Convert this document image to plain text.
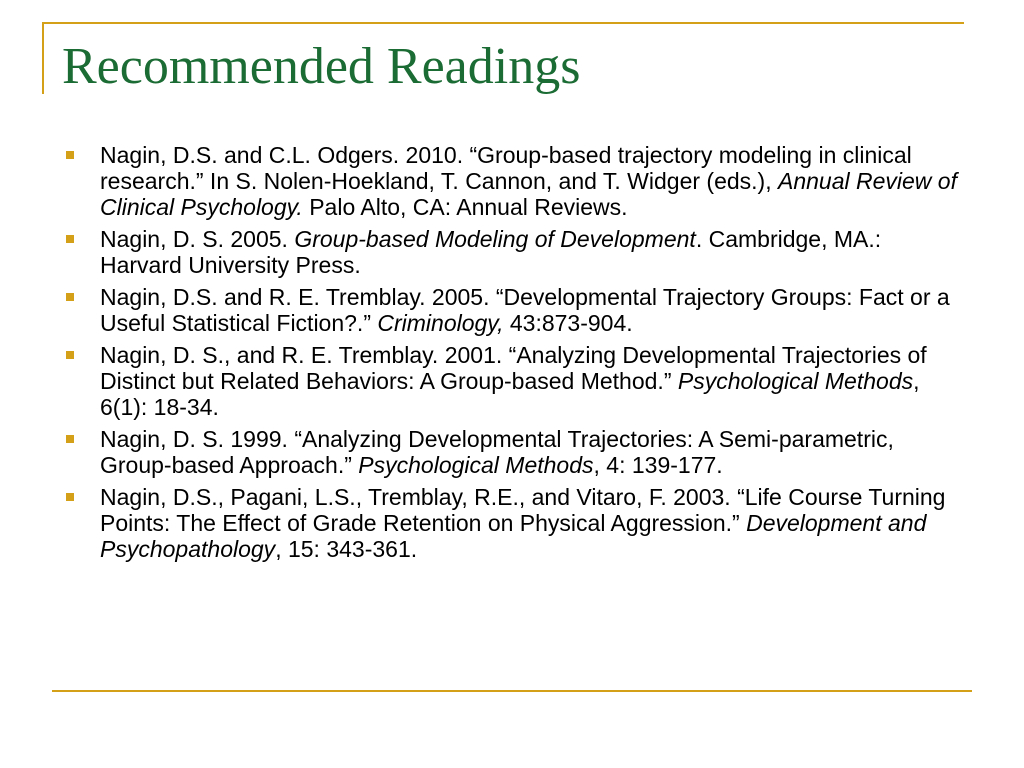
Recommended Readings
Nagin, D.S. and C.L. Odgers. 2010. “Group-based trajectory modeling in clinical research.” In S. Nolen-Hoekland, T. Cannon, and T. Widger (eds.), Annual Review of Clinical Psychology. Palo Alto, CA: Annual Reviews.
Nagin, D. S. 2005. Group-based Modeling of Development. Cambridge, MA.: Harvard University Press.
Nagin, D.S. and R. E. Tremblay. 2005. “Developmental Trajectory Groups: Fact or a Useful Statistical Fiction?.” Criminology, 43:873-904.
Nagin, D. S., and R. E. Tremblay. 2001. “Analyzing Developmental Trajectories of Distinct but Related Behaviors: A Group-based Method.” Psychological Methods, 6(1): 18-34.
Nagin, D. S. 1999. “Analyzing Developmental Trajectories: A Semi-parametric, Group-based Approach.” Psychological Methods, 4: 139-177.
Nagin, D.S., Pagani, L.S., Tremblay, R.E., and Vitaro, F. 2003. “Life Course Turning Points: The Effect of Grade Retention on Physical Aggression.” Development and Psychopathology, 15: 343-361.
